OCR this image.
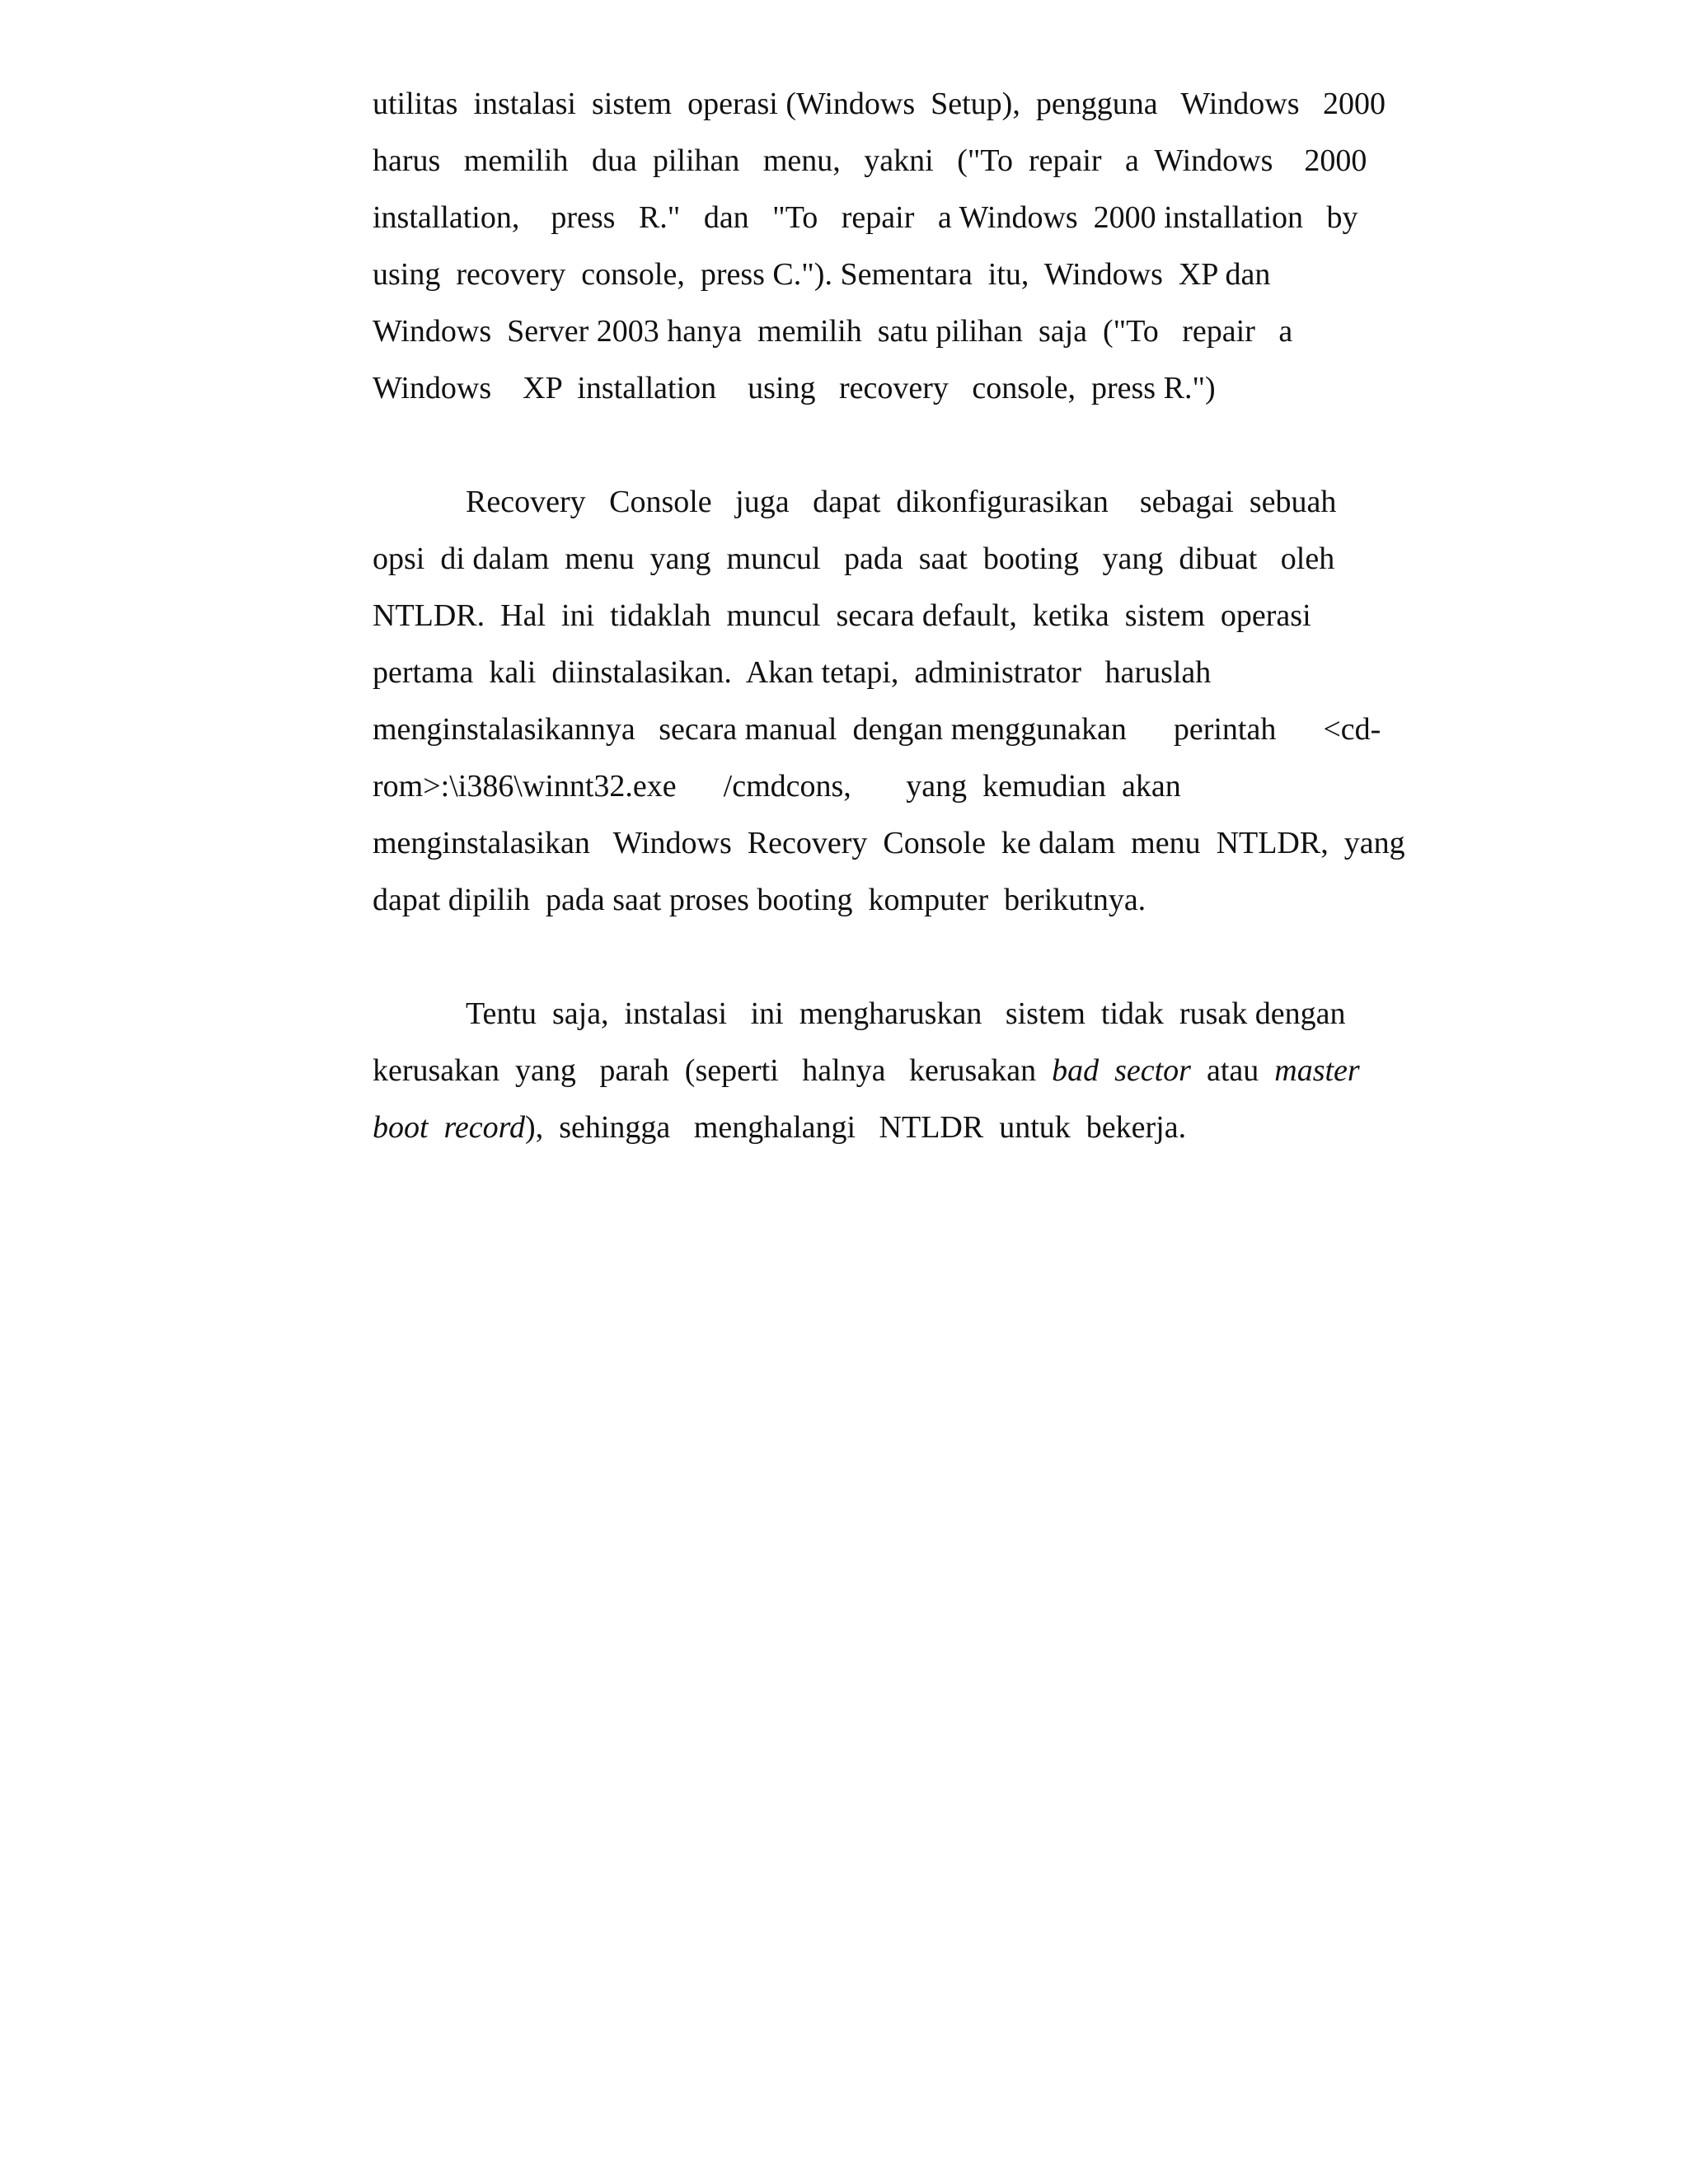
utilitas  instalasi  sistem  operasi (Windows  Setup),  pengguna   Windows   2000
harus   memilih   dua  pilihan   menu,   yakni   ("To  repair   a  Windows    2000
installation,    press   R."   dan   "To   repair   a Windows  2000 installation   by
using  recovery  console,  press C."). Sementara  itu,  Windows  XP dan
Windows  Server 2003 hanya  memilih  satu pilihan  saja  ("To   repair   a
Windows    XP  installation    using   recovery   console,  press R.")

Recovery   Console   juga   dapat  dikonfigurasikan    sebagai  sebuah
opsi  di dalam  menu  yang  muncul   pada  saat  booting   yang  dibuat   oleh
NTLDR.  Hal  ini  tidaklah  muncul  secara default,  ketika  sistem  operasi
pertama  kali  diinstalasikan.  Akan tetapi,  administrator   haruslah
menginstalasikannya   secara manual  dengan menggunakan      perintah      <cd-
rom>:\i386\winnt32.exe      /cmdcons,       yang  kemudian  akan
menginstalasikan   Windows  Recovery  Console  ke dalam  menu  NTLDR,  yang
dapat dipilih  pada saat proses booting  komputer  berikutnya.

Tentu  saja,  instalasi   ini  mengharuskan   sistem  tidak  rusak dengan
kerusakan  yang   parah  (seperti   halnya   kerusakan  bad  sector  atau  master
boot  record),  sehingga   menghalangi   NTLDR  untuk  bekerja.
